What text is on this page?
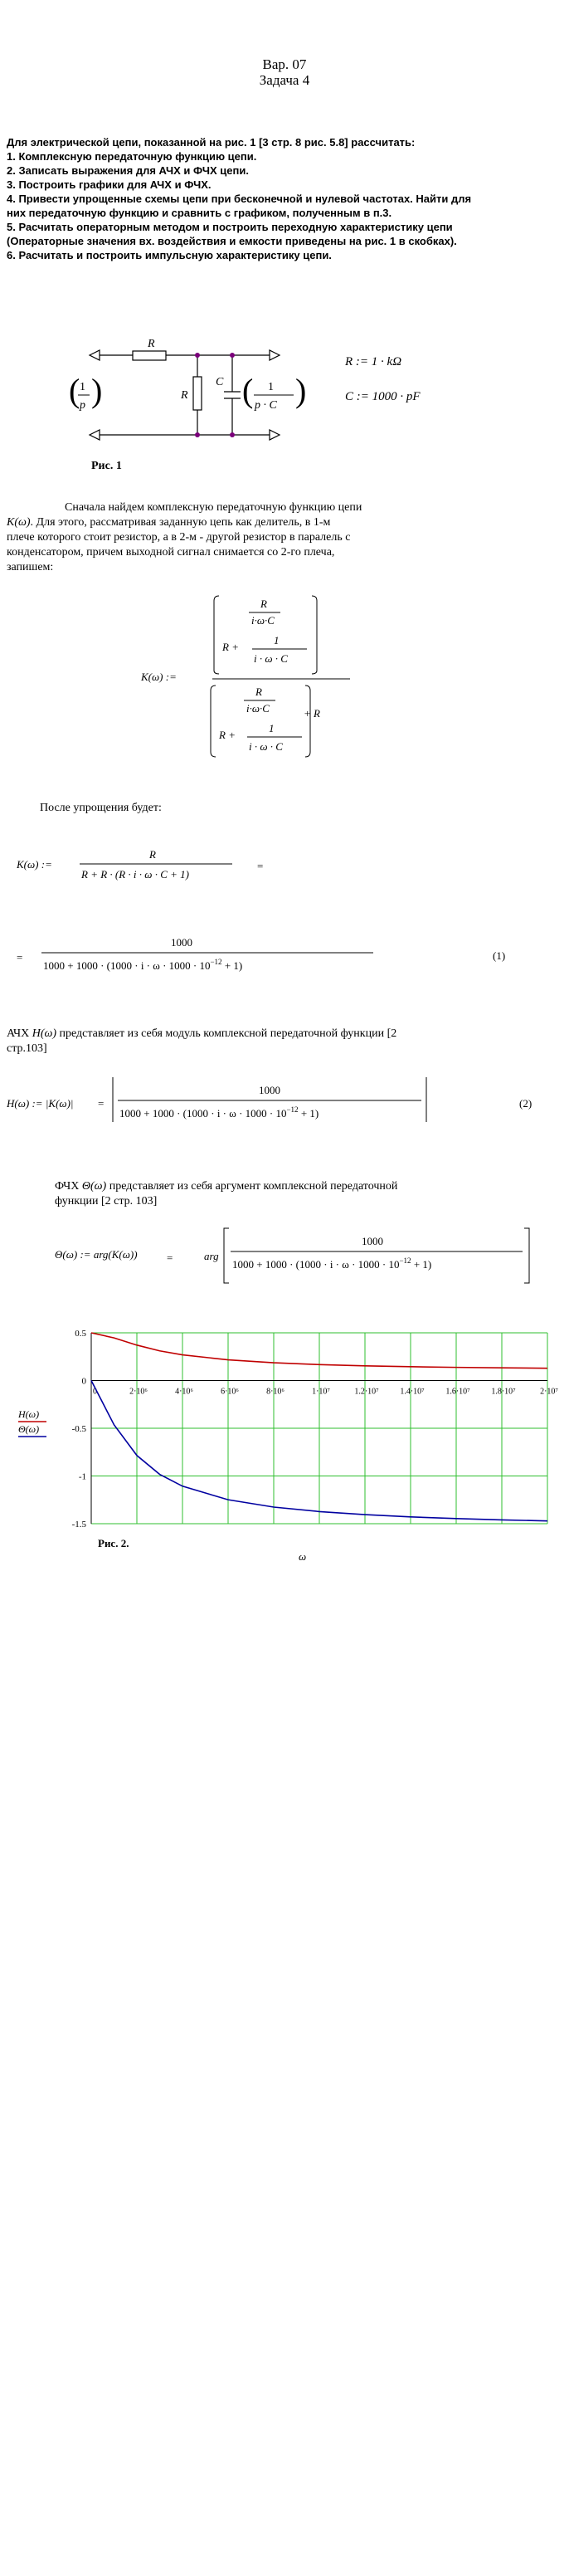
Вар. 07
Задача 4
Для электрической цепи, показанной на рис. 1 [3 стр. 8 рис. 5.8] рассчитать:
1. Комплексную передаточную функцию цепи.
2. Записать выражения для АЧХ и ФЧХ цепи.
3. Построить графики для АЧХ и ФЧХ.
4. Привести упрощенные схемы цепи при бесконечной и нулевой частотах. Найти для
них передаточную функцию и сравнить с графиком, полученным в п.3.
5. Расчитать операторным методом и построить переходную характеристику цепи
(Операторные значения вх. воздействия и емкости приведены на рис. 1 в скобках).
6. Расчитать и построить импульсную характеристику цепи.
R
R
C
( 1
p )	( 1
p · C )
R := 1 · kΩ
C := 1000 · pF
Рис. 1
Сначала найдем комплексную передаточную функцию цепи
K(ω). Для этого, рассматривая заданную цепь как делитель, в 1-м
плече которого стоит резистор, а в 2-м - другой резистор в паралель с
конденсатором, причем выходной сигнал снимается со 2-го плеча,
запишем:
K(ω) :=
R
i·ω·C
R +
1
i · ω · C
R
i·ω·C
R +
1
i · ω · C
+ R
После упрощения будет:
K(ω) :=
R
R + R · (R · i · ω · C + 1)
=
=
1000
$1000 + 1000 \cdot (1000 \cdot i \cdot \omega \cdot 1000 \cdot 10^{-12} + 1)$
(1)
АЧХ H(ω) представляет из себя модуль комплексной передаточной функции [2
стр.103]
H(ω) := |K(ω)| =
1000
$1000 + 1000 \cdot (1000 \cdot i \cdot \omega \cdot 1000 \cdot 10^{-12} + 1)$
(2)
ФЧХ Θ(ω) представляет из себя аргумент комплексной передаточной
функции [2 стр. 103]
Θ(ω) := arg(K(ω))	=	arg
1000
$1000 + 1000 \cdot (1000 \cdot i \cdot \omega \cdot 1000 \cdot 10^{-12} + 1)$
0.5
0
-0.5
-1
-1.5
0	2·10⁶	4·10⁶	6·10⁶	8·10⁶	1·10⁷	1.2·10⁷	1.4·10⁷	1.6·10⁷	1.8·10⁷	2·10⁷
H(ω)
Θ(ω)
Рис. 2.
ω
